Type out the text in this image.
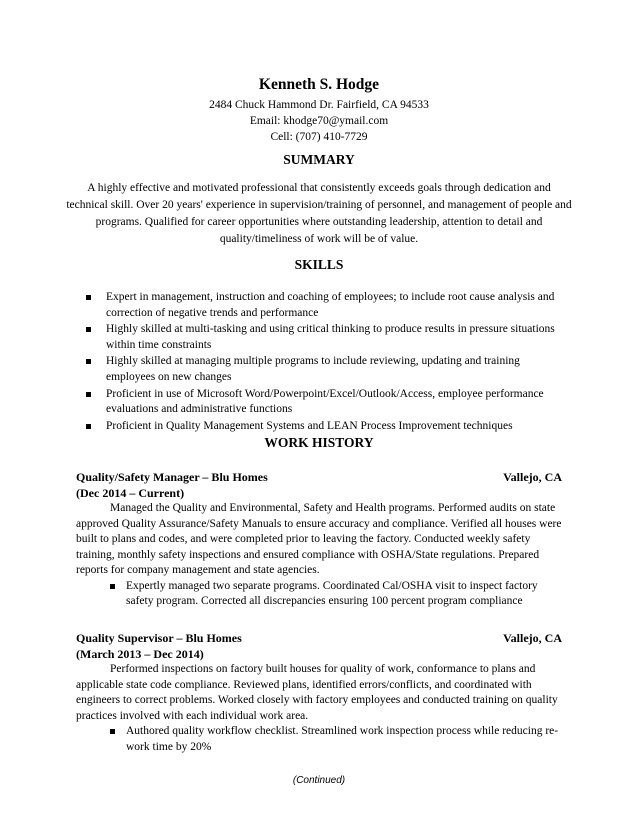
Kenneth S. Hodge
2484 Chuck Hammond Dr. Fairfield, CA 94533
Email: khodge70@ymail.com
Cell: (707) 410-7729
SUMMARY
A highly effective and motivated professional that consistently exceeds goals through dedication and technical skill. Over 20 years' experience in supervision/training of personnel, and management of people and programs. Qualified for career opportunities where outstanding leadership, attention to detail and quality/timeliness of work will be of value.
SKILLS
Expert in management, instruction and coaching of employees; to include root cause analysis and correction of negative trends and performance
Highly skilled at multi-tasking and using critical thinking to produce results in pressure situations within time constraints
Highly skilled at managing multiple programs to include reviewing, updating and training employees on new changes
Proficient in use of Microsoft Word/Powerpoint/Excel/Outlook/Access, employee performance evaluations and administrative functions
Proficient in Quality Management Systems and LEAN Process Improvement techniques
WORK HISTORY
Quality/Safety Manager – Blu Homes	Vallejo, CA
(Dec 2014 – Current)

Managed the Quality and Environmental, Safety and Health programs. Performed audits on state approved Quality Assurance/Safety Manuals to ensure accuracy and compliance. Verified all houses were built to plans and codes, and were completed prior to leaving the factory. Conducted weekly safety training, monthly safety inspections and ensured compliance with OSHA/State regulations. Prepared reports for company management and state agencies.

Expertly managed two separate programs. Coordinated Cal/OSHA visit to inspect factory safety program. Corrected all discrepancies ensuring 100 percent program compliance
Quality Supervisor – Blu Homes	Vallejo, CA
(March 2013 – Dec 2014)

Performed inspections on factory built houses for quality of work, conformance to plans and applicable state code compliance. Reviewed plans, identified errors/conflicts, and coordinated with engineers to correct problems. Worked closely with factory employees and conducted training on quality practices involved with each individual work area.

Authored quality workflow checklist. Streamlined work inspection process while reducing re-work time by 20%
(Continued)
